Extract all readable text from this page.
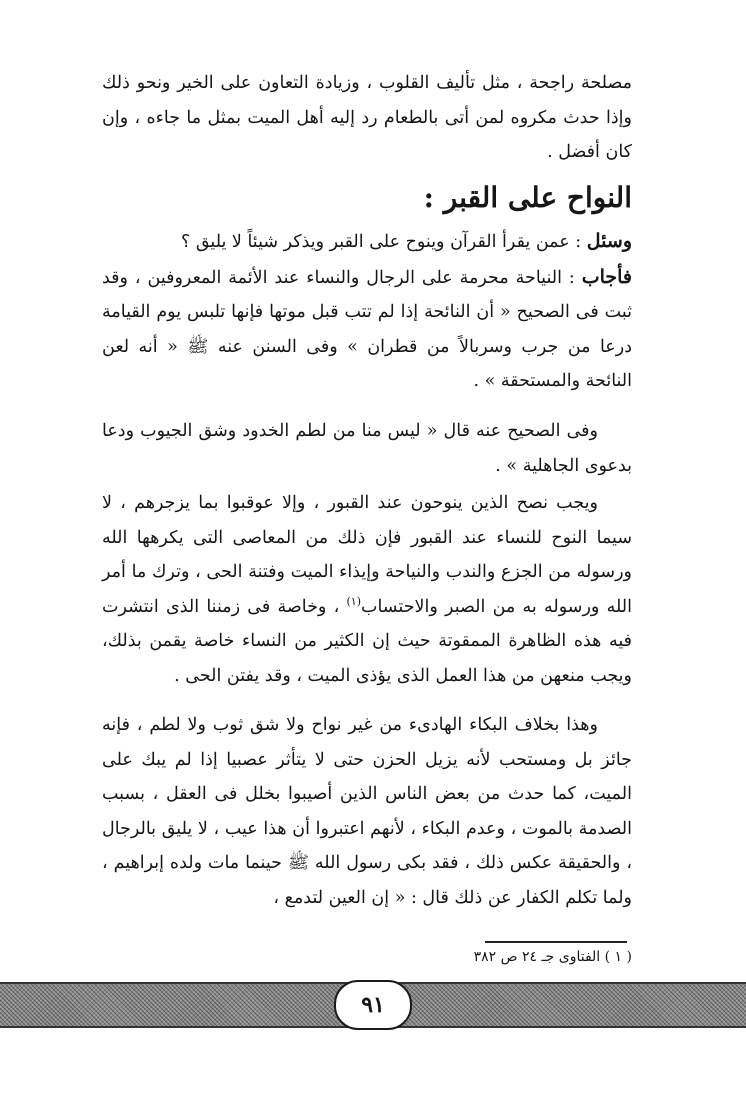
مصلحة راجحة ، مثل تأليف القلوب ، وزيادة التعاون على الخير ونحو ذلك وإذا حدث مكروه لمن أتى بالطعام رد إليه أهل الميت بمثل ما جاءه ، وإن كان أفضل .

النواح على القبر :

وسئل : عمن يقرأ القرآن وينوح على القبر ويذكر شيئاً لا يليق ؟

فأجاب : النياحة محرمة على الرجال والنساء عند الأئمة المعروفين ، وقد ثبت فى الصحيح « أن النائحة إذا لم تتب قبل موتها فإنها تلبس يوم القيامة درعا من جرب وسربالاً من قطران » وفى السنن عنه ﷺ « أنه لعن النائحة والمستحقة » .

وفى الصحيح عنه قال « ليس منا من لطم الخدود وشق الجيوب ودعا بدعوى الجاهلية » .

ويجب نصح الذين ينوحون عند القبور ، وإلا عوقبوا بما يزجرهم ، لا سيما النوح للنساء عند القبور فإن ذلك من المعاصى التى يكرهها الله ورسوله من الجزع والندب والنياحة وإيذاء الميت وفتنة الحى ، وترك ما أمر الله ورسوله به من الصبر والاحتساب$^{(١)}$ ، وخاصة فى زمننا الذى انتشرت فيه هذه الظاهرة الممقوتة حيث إن الكثير من النساء خاصة يقمن بذلك، ويجب منعهن من هذا العمل الذى يؤذى الميت ، وقد يفتن الحى .

وهذا بخلاف البكاء الهادىء من غير نواح ولا شق ثوب ولا لطم ، فإنه جائز بل ومستحب لأنه يزيل الحزن حتى لا يتأثر عصبيا إذا لم يبك على الميت، كما حدث من بعض الناس الذين أصيبوا بخلل فى العقل ، بسبب الصدمة بالموت ، وعدم البكاء ، لأنهم اعتبروا أن هذا عيب ، لا يليق بالرجال ، والحقيقة عكس ذلك ، فقد بكى رسول الله ﷺ حينما مات ولده إبراهيم ، ولما تكلم الكفار عن ذلك قال : « إن العين لتدمع ،

( ١ ) الفتاوى جـ ٢٤ ص ٣٨٢
٩١
